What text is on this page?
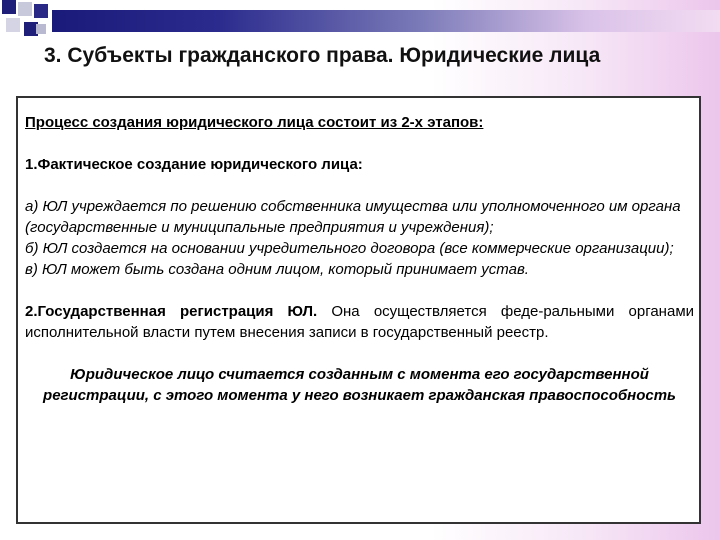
3. Субъекты гражданского права. Юридические лица

Процесс создания юридического лица состоит из 2-х этапов:

1.Фактическое создание юридического лица:

а) ЮЛ учреждается по решению собственника имущества или уполномоченного им органа (государственные и муниципальные предприятия и учреждения);

б) ЮЛ создается на основании учредительного договора (все коммерческие организации);

в) ЮЛ может быть создана одним лицом, который принимает устав.

2.Государственная регистрация ЮЛ. Она осуществляется феде-ральными органами исполнительной власти путем внесения записи в государственный реестр.

Юридическое лицо считается созданным с момента его государственной регистрации, с этого момента у него возникает гражданская правоспособность
